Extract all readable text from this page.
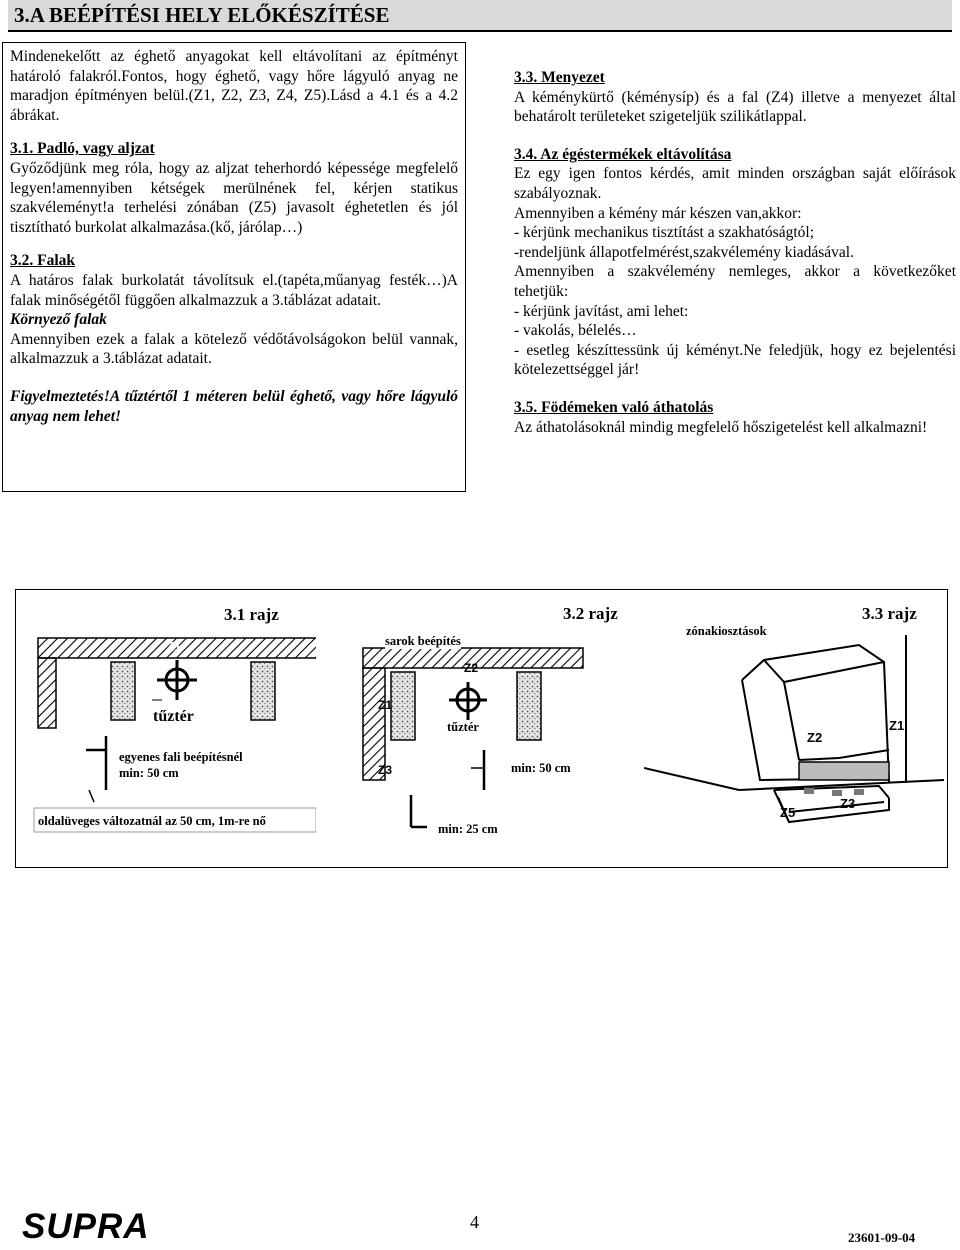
3.A BEÉPÍTÉSI HELY ELŐKÉSZÍTÉSE

Mindenekelőtt az éghető anyagokat kell eltávolítani az építményt határoló falakról.Fontos, hogy éghető, vagy hőre lágyuló anyag ne maradjon építményen belül.(Z1, Z2, Z3, Z4, Z5).Lásd a 4.1 és a 4.2 ábrákat.

3.1. Padló, vagy aljzat

Győződjünk meg róla, hogy az aljzat teherhordó képessége megfelelő legyen!amennyiben kétségek merülnének fel, kérjen statikus szakvéleményt!a terhelési zónában (Z5) javasolt éghetetlen és jól tisztítható burkolat alkalmazása.(kő, járólap…)

3.2. Falak

A határos falak burkolatát távolítsuk el.(tapéta,műanyag festék…)A falak minőségétől függően alkalmazzuk a 3.táblázat adatait.

Környező falak

Amennyiben ezek a falak a kötelező védőtávolságokon belül vannak, alkalmazzuk a 3.táblázat adatait.

Figyelmeztetés!A tűztértől 1 méteren belül éghető, vagy hőre lágyuló anyag nem lehet!

3.3. Menyezet

A kéménykürtő (kéménysíp) és a fal (Z4) illetve a menyezet által behatárolt területeket szigeteljük szilikátlappal.

3.4. Az égéstermékek eltávolítása

Ez egy igen fontos kérdés, amit minden országban saját előírások szabályoznak.

Amennyiben a kémény már készen van,akkor:

- kérjünk mechanikus tisztítást a szakhatóságtól;

-rendeljünk állapotfelmérést,szakvélemény kiadásával.

Amennyiben a szakvélemény nemleges, akkor a következőket tehetjük:

- kérjünk javítást, ami lehet:

- vakolás, bélelés…

- esetleg készíttessünk új kéményt.Ne feledjük, hogy ez bejelentési kötelezettséggel jár!

3.5. Födémeken való áthatolás

Az áthatolásoknál mindig megfelelő hőszigetelést kell alkalmazni!

3.1 rajz
Z1
tűztér
egyenes fali beépítésnél
min: 50 cm
oldalüveges változatnál az 50 cm, 1m-re nő
3.2 rajz
sarok beépítés
Z2
Z1
Z3
tűztér
min: 50 cm
min: 25 cm
3.3 rajz
zónakiosztások
Z1
Z2
Z3
Z5
SUPRA	4
23601-09-04
